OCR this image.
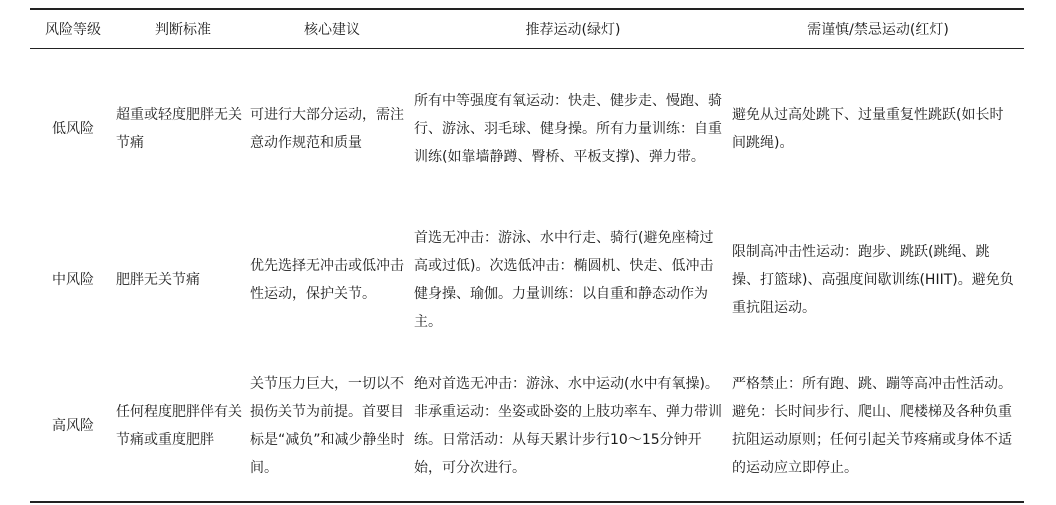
风险等级	判断标准	核心建议	推荐运动(绿灯)	需谨慎/禁忌运动(红灯)
低风险	超重或轻度肥胖无关节痛	可进行大部分运动，需注意动作规范和质量	所有中等强度有氧运动：快走、健步走、慢跑、骑行、游泳、羽毛球、健身操。所有力量训练：自重训练(如靠墙静蹲、臀桥、平板支撑)、弹力带。	避免从过高处跳下、过量重复性跳跃(如长时间跳绳)。
中风险	肥胖无关节痛	优先选择无冲击或低冲击性运动，保护关节。	首选无冲击：游泳、水中行走、骑行(避免座椅过高或过低)。次选低冲击：椭圆机、快走、低冲击健身操、瑜伽。力量训练：以自重和静态动作为主。	限制高冲击性运动：跑步、跳跃(跳绳、跳操、打篮球)、高强度间歇训练(HIIT)。避免负重抗阻运动。
高风险	任何程度肥胖伴有关节痛或重度肥胖	关节压力巨大，一切以不损伤关节为前提。首要目标是“减负”和减少静坐时间。	绝对首选无冲击：游泳、水中运动(水中有氧操)。非承重运动：坐姿或卧姿的上肢功率车、弹力带训练。日常活动：从每天累计步行10～15分钟开始，可分次进行。	严格禁止：所有跑、跳、蹦等高冲击性活动。避免：长时间步行、爬山、爬楼梯及各种负重抗阻运动原则；任何引起关节疼痛或身体不适的运动应立即停止。
